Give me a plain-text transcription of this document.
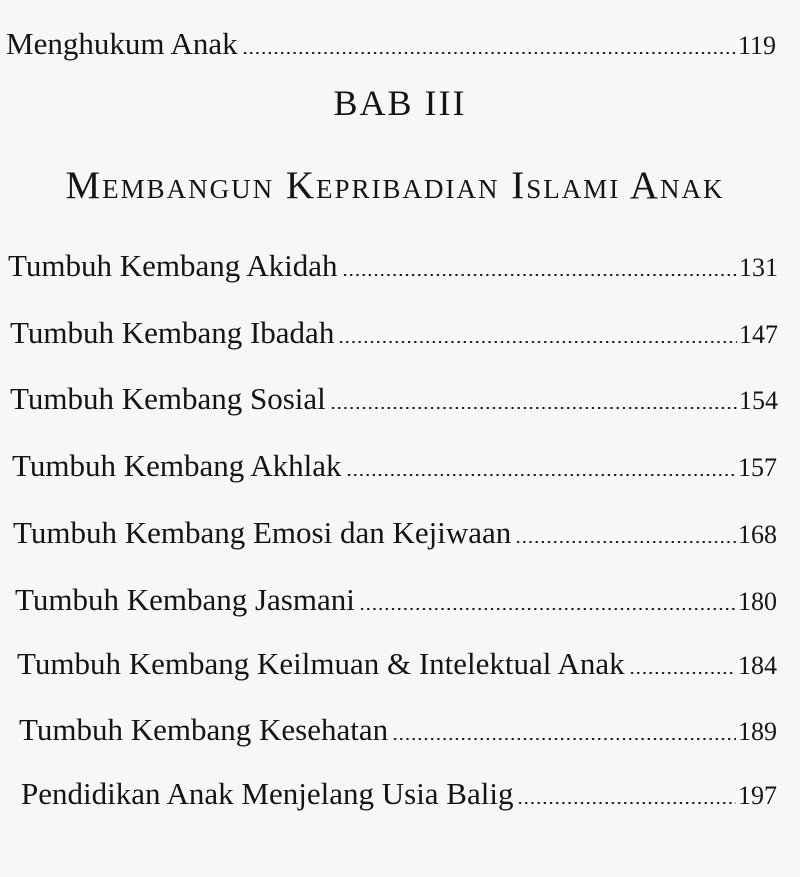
Menghukum Anak	119
BAB III
Membangun Kepribadian Islami Anak
Tumbuh Kembang Akidah	131
Tumbuh Kembang Ibadah	147
Tumbuh Kembang Sosial	154
Tumbuh Kembang Akhlak	157
Tumbuh Kembang Emosi dan Kejiwaan	168
Tumbuh Kembang Jasmani	180
Tumbuh Kembang Keilmuan & Intelektual Anak	184
Tumbuh Kembang Kesehatan	189
Pendidikan Anak Menjelang Usia Balig	197
